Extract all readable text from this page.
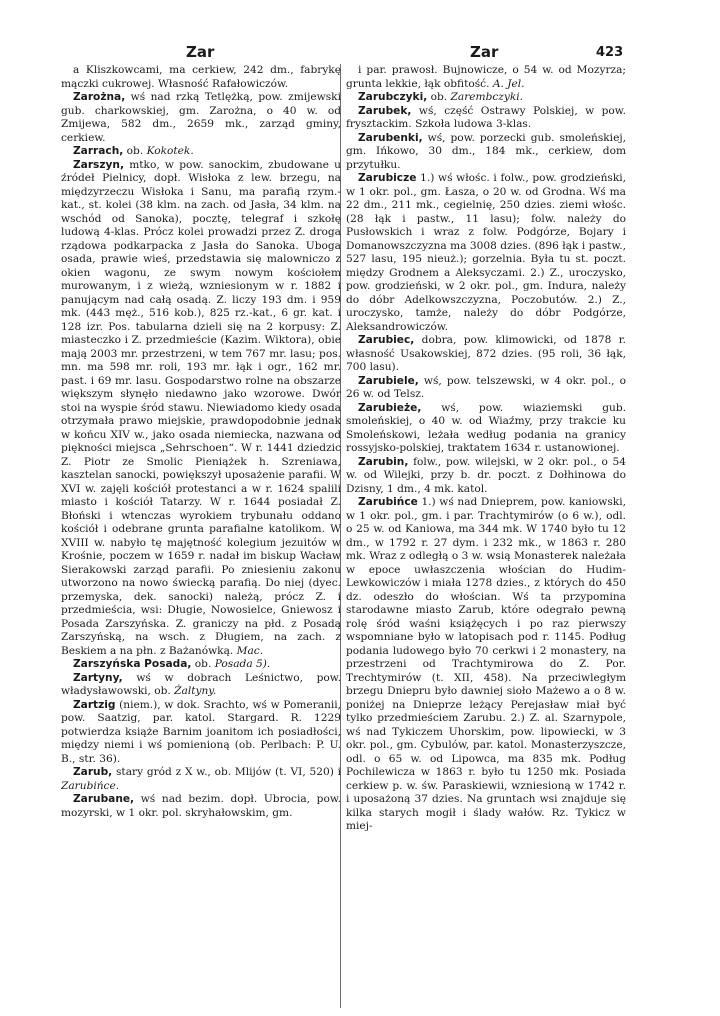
Zar	Zar	423

a Kliszkowcami, ma cerkiew, 242 dm., fabrykę mączki cukrowej. Własność Rafałowiczów.

Zarożna, wś nad rzką Tetlężką, pow. zmijewski gub. charkowskiej, gm. Zarożna, o 40 w. od Zmijewa, 582 dm., 2659 mk., zarząd gminy, cerkiew.

Zarrach, ob. Kokotek.

Zarszyn, mtko, w pow. sanockim, zbudowane u źródeł Pielnicy, dopł. Wisłoka z lew. brzegu, na międzyrzeczu Wisłoka i Sanu, ma parafią rzym.-kat., st. kolei (38 klm. na zach. od Jasła, 34 klm. na wschód od Sanoka), pocztę, telegraf i szkołę ludową 4-klas. Prócz kolei prowadzi przez Z. droga rządowa podkarpacka z Jasła do Sanoka. Uboga osada, prawie wieś, przedstawia się malowniczo z okien wagonu, ze swym nowym kościołem murowanym, i z wieżą, wzniesionym w r. 1882 i panującym nad całą osadą. Z. liczy 193 dm. i 959 mk. (443 męż., 516 kob.), 825 rz.-kat., 6 gr. kat. i 128 izr. Pos. tabularna dzieli się na 2 korpusy: Z. miasteczko i Z. przedmieście (Kazim. Wiktora), obie mają 2003 mr. przestrzeni, w tem 767 mr. lasu; pos. mn. ma 598 mr. roli, 193 mr. łąk i ogr., 162 mr. past. i 69 mr. lasu. Gospodarstwo rolne na obszarze większym słynęło niedawno jako wzorowe. Dwór stoi na wyspie śród stawu. Niewiadomo kiedy osada otrzymała prawo miejskie, prawdopodobnie jednak w końcu XIV w., jako osada niemiecka, nazwana od piękności miejsca „Sehrschoen“. W r. 1441 dziedzic Z. Piotr ze Smolic Pieniążek h. Szreniawa, kasztelan sanocki, powiększył uposażenie parafii. W XVI w. zajęli kościół protestanci a w r. 1624 spalili miasto i kościół Tatarzy. W r. 1644 posiadał Z. Błoński i wtenczas wyrokiem trybunału oddano kościół i odebrane grunta parafialne katolikom. W XVIII w. nabyło tę majętność kolegium jezuitów w Krośnie, poczem w 1659 r. nadał im biskup Wacław Sierakowski zarząd parafii. Po zniesieniu zakonu utworzono na nowo świecką parafią. Do niej (dyec. przemyska, dek. sanocki) należą, prócz Z. i przedmieścia, wsi: Długie, Nowosielce, Gniewosz i Posada Zarszyńska. Z. graniczy na płd. z Posadą Zarszyńską, na wsch. z Długiem, na zach. z Beskiem a na płn. z Bażanówką. Mac.

Zarszyńska Posada, ob. Posada 5).

Zartyny, wś w dobrach Leśnictwo, pow. władysławowski, ob. Żaltyny.

Zartzig (niem.), w dok. Srachto, wś w Pomeranii, pow. Saatzig, par. katol. Stargard. R. 1229 potwierdza książe Barnim joanitom ich posiadłości, między niemi i wś pomienioną (ob. Perlbach: P. U. B., str. 36).

Zarub, stary gród z X w., ob. Mlijów (t. VI, 520) i Zarubińce.

Zarubane, wś nad bezim. dopł. Ubrocia, pow. mozyrski, w 1 okr. pol. skryhałowskim, gm.

i par. prawosł. Bujnowicze, o 54 w. od Mozyrza; grunta lekkie, łąk obfitość. A. Jel.

Zarubczyki, ob. Zarembczyki.

Zarubek, wś, część Ostrawy Polskiej, w pow. frysztackim. Szkoła ludowa 3-klas.

Zarubenki, wś, pow. porzecki gub. smoleńskiej, gm. Ińkowo, 30 dm., 184 mk., cerkiew, dom przytułku.

Zarubicze 1.) wś włośc. i folw., pow. grodzieński, w 1 okr. pol., gm. Łasza, o 20 w. od Grodna. Wś ma 22 dm., 211 mk., cegielnię, 250 dzies. ziemi włośc. (28 łąk i pastw., 11 lasu); folw. należy do Pusłowskich i wraz z folw. Podgórze, Bojary i Domanowszczyzna ma 3008 dzies. (896 łąk i pastw., 527 lasu, 195 nieuż.); gorzelnia. Była tu st. poczt. między Grodnem a Aleksyczami. 2.) Z., uroczysko, pow. grodzieński, w 2 okr. pol., gm. Indura, należy do dóbr Adelkowszczyzna, Poczobutów. 2.) Z., uroczysko, tamże, należy do dóbr Podgórze, Aleksandrowiczów.

Zarubiec, dobra, pow. klimowicki, od 1878 r. własność Usakowskiej, 872 dzies. (95 roli, 36 łąk, 700 lasu).

Zarubiele, wś, pow. telszewski, w 4 okr. pol., o 26 w. od Telsz.

Zarubieże, wś, pow. wiaziemski gub. smoleńskiej, o 40 w. od Wiaźmy, przy trakcie ku Smoleńskowi, leżała według podania na granicy rossyjsko-polskiej, traktatem 1634 r. ustanowionej.

Zarubin, folw., pow. wilejski, w 2 okr. pol., o 54 w. od Wilejki, przy b. dr. poczt. z Dołhinowa do Dzisny, 1 dm., 4 mk. katol.

Zarubińce 1.) wś nad Dnieprem, pow. kaniowski, w 1 okr. pol., gm. i par. Trachtymirów (o 6 w.), odl. o 25 w. od Kaniowa, ma 344 mk. W 1740 było tu 12 dm., w 1792 r. 27 dym. i 232 mk., w 1863 r. 280 mk. Wraz z odległą o 3 w. wsią Monasterek należała w epoce uwłaszczenia włościan do Hudim-Lewkowiczów i miała 1278 dzies., z których do 450 dz. odeszło do włościan. Wś ta przypomina starodawne miasto Zarub, które odegrało pewną rolę śród waśni książęcych i po raz pierwszy wspomniane było w latopisach pod r. 1145. Podług podania ludowego było 70 cerkwi i 2 monastery, na przestrzeni od Trachtymirowa do Z. Por. Trechtymirów (t. XII, 458). Na przeciwległym brzegu Dniepru było dawniej sioło Mażewo a o 8 w. poniżej na Dnieprze leżący Perejasław miał być tylko przedmieściem Zarubu. 2.) Z. al. Szarnypole, wś nad Tykiczem Uhorskim, pow. lipowiecki, w 3 okr. pol., gm. Cybulów, par. katol. Monasterzyszcze, odl. o 65 w. od Lipowca, ma 835 mk. Podług Pochilewicza w 1863 r. było tu 1250 mk. Posiada cerkiew p. w. św. Paraskiewii, wzniesioną w 1742 r. i uposażoną 37 dzies. Na gruntach wsi znajduje się kilka starych mogił i ślady wałów. Rz. Tykicz w miej-
